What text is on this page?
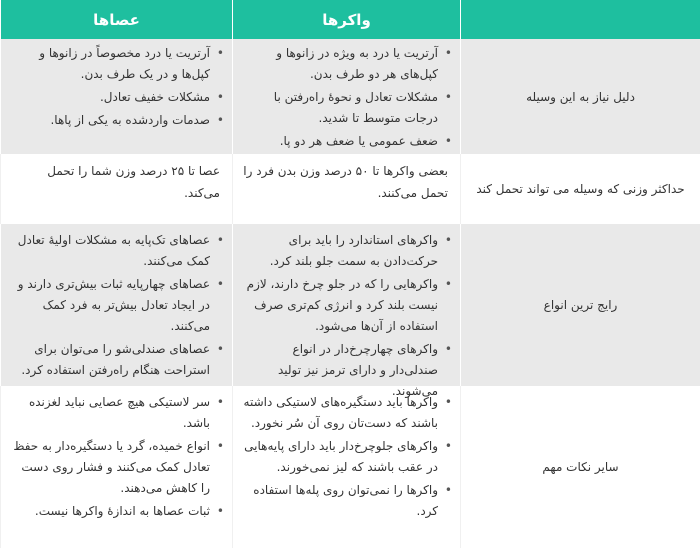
واکرها
عصاها
دلیل نیاز به این وسیله
• آرتریت یا درد به ویژه در زانوها و کپل‌های هر دو طرف بدن.
• مشکلات تعادل و نحوهٔ راه‌رفتن با درجات متوسط تا شدید.
• ضعف عمومی یا ضعف هر دو پا.
• آرتریت یا درد مخصوصاً در زانوها و کپل‌ها و در یک طرف بدن.
• مشکلات خفیف تعادل.
• صدمات واردشده به یکی از پاها.
حداکثر وزنی که وسیله می تواند تحمل کند
بعضی واکرها تا ۵۰ درصد وزن بدن فرد را تحمل می‌کنند.
عصا تا ۲۵ درصد وزن شما را تحمل می‌کند.
رایج ترین انواع
• واکرهای استاندارد را باید برای حرکت‌دادن به سمت جلو بلند کرد.
• واکرهایی را که در جلو چرخ دارند، لازم نیست بلند کرد و انرژی کم‌تری صرف استفاده از آن‌ها می‌شود.
• واکرهای چهارچرخ‌دار در انواع صندلی‌دار و دارای ترمز نیز تولید می‌شوند.
• عصاهای تک‌پایه به مشکلات اولیهٔ تعادل کمک می‌کنند.
• عصاهای چهارپایه ثبات بیش‌تری دارند و در ایجاد تعادل بیش‌تر به فرد کمک می‌کنند.
• عصاهای صندلی‌شو را می‌توان برای استراحت هنگام راه‌رفتن استفاده کرد.
سایر نکات مهم
• واکرها باید دستگیره‌های لاستیکی داشته باشند که دست‌تان روی آن سُر نخورد.
• واکرهای جلوچرخ‌دار باید دارای پایه‌هایی در عقب باشند که لیز نمی‌خورند.
• واکرها را نمی‌توان روی پله‌ها استفاده کرد.
• سر لاستیکی هیچ عصایی نباید لغزنده باشد.
• انواع خمیده، گرد یا دستگیره‌دار به حفظ تعادل کمک می‌کنند و فشار روی دست را کاهش می‌دهند.
• ثبات عصاها به اندازهٔ واکرها نیست.
